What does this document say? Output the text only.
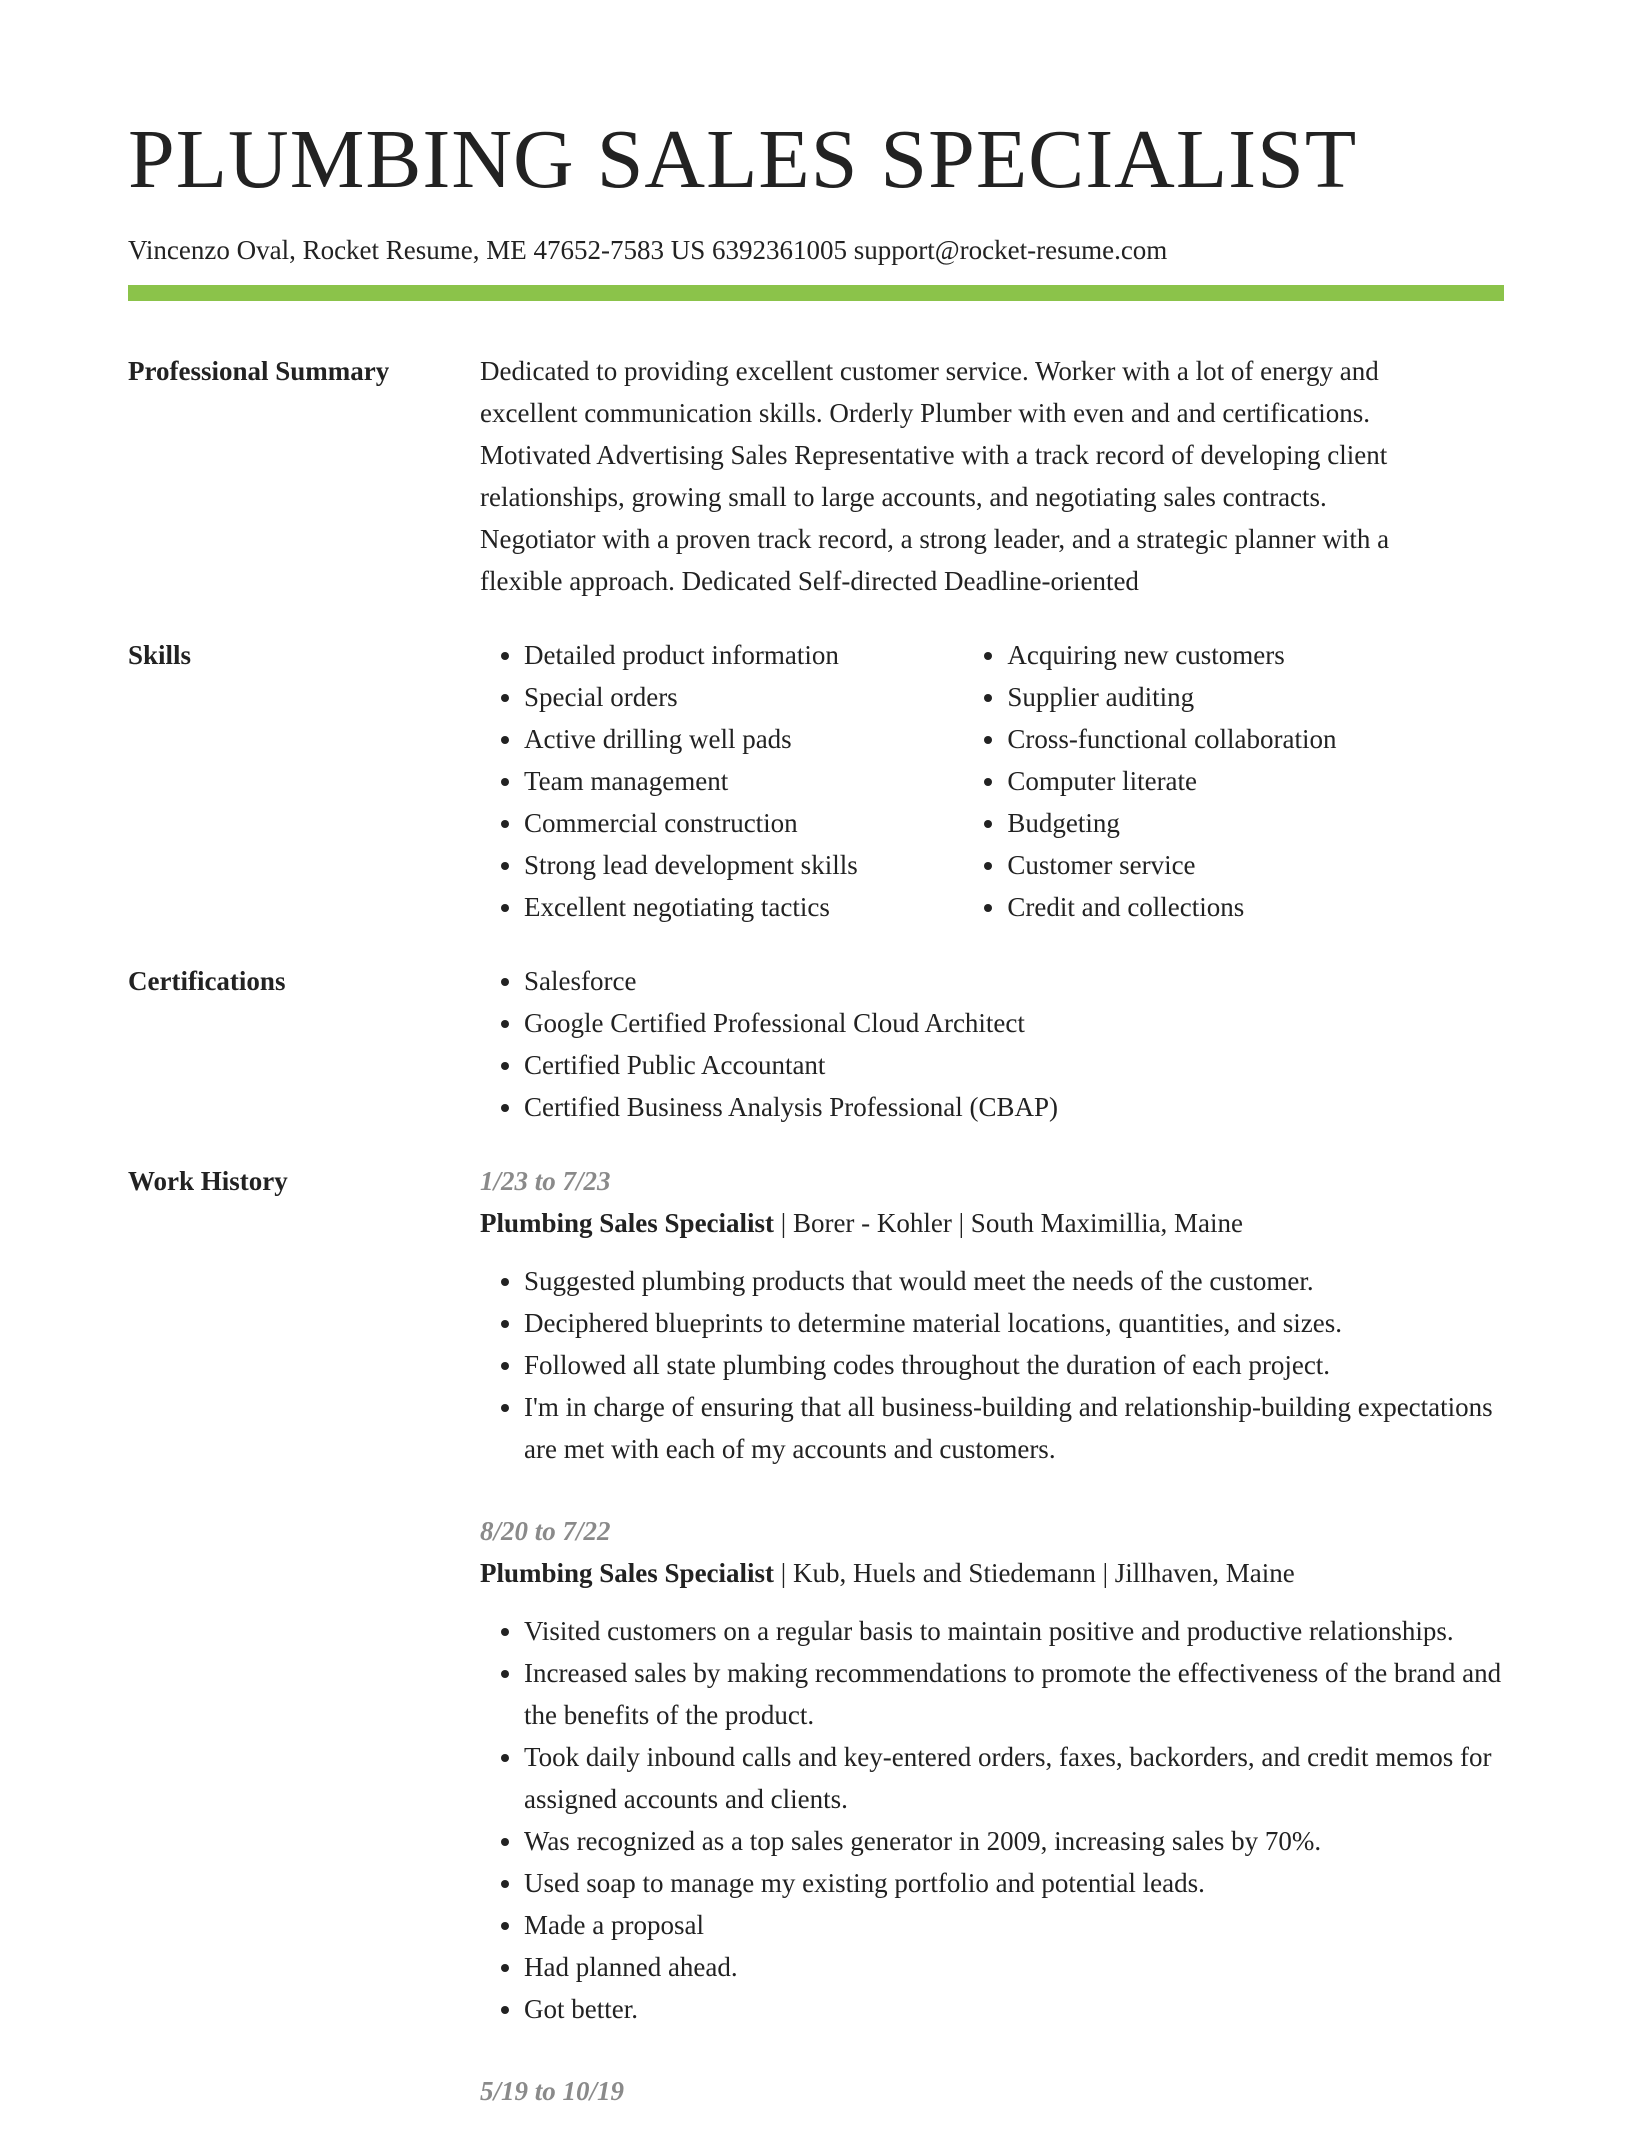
PLUMBING SALES SPECIALIST
Vincenzo Oval, Rocket Resume, ME 47652-7583 US 6392361005 support@rocket-resume.com
Professional Summary	Dedicated to providing excellent customer service. Worker with a lot of energy and
excellent communication skills. Orderly Plumber with even and and certifications.
Motivated Advertising Sales Representative with a track record of developing client
relationships, growing small to large accounts, and negotiating sales contracts.
Negotiator with a proven track record, a strong leader, and a strategic planner with a
flexible approach. Dedicated Self-directed Deadline-oriented
Skills	• Detailed product information
• Special orders
• Active drilling well pads
• Team management
• Commercial construction
• Strong lead development skills
• Excellent negotiating tactics
• Acquiring new customers
• Supplier auditing
• Cross-functional collaboration
• Computer literate
• Budgeting
• Customer service
• Credit and collections
Certifications	• Salesforce
• Google Certified Professional Cloud Architect
• Certified Public Accountant
• Certified Business Analysis Professional (CBAP)
Work History	1/23 to 7/23
Plumbing Sales Specialist | Borer - Kohler | South Maximillia, Maine
• Suggested plumbing products that would meet the needs of the customer.
• Deciphered blueprints to determine material locations, quantities, and sizes.
• Followed all state plumbing codes throughout the duration of each project.
• I'm in charge of ensuring that all business-building and relationship-building expectations are met with each of my accounts and customers.
8/20 to 7/22
Plumbing Sales Specialist | Kub, Huels and Stiedemann | Jillhaven, Maine
• Visited customers on a regular basis to maintain positive and productive relationships.
• Increased sales by making recommendations to promote the effectiveness of the brand and the benefits of the product.
• Took daily inbound calls and key-entered orders, faxes, backorders, and credit memos for assigned accounts and clients.
• Was recognized as a top sales generator in 2009, increasing sales by 70%.
• Used soap to manage my existing portfolio and potential leads.
• Made a proposal
• Had planned ahead.
• Got better.
5/19 to 10/19
